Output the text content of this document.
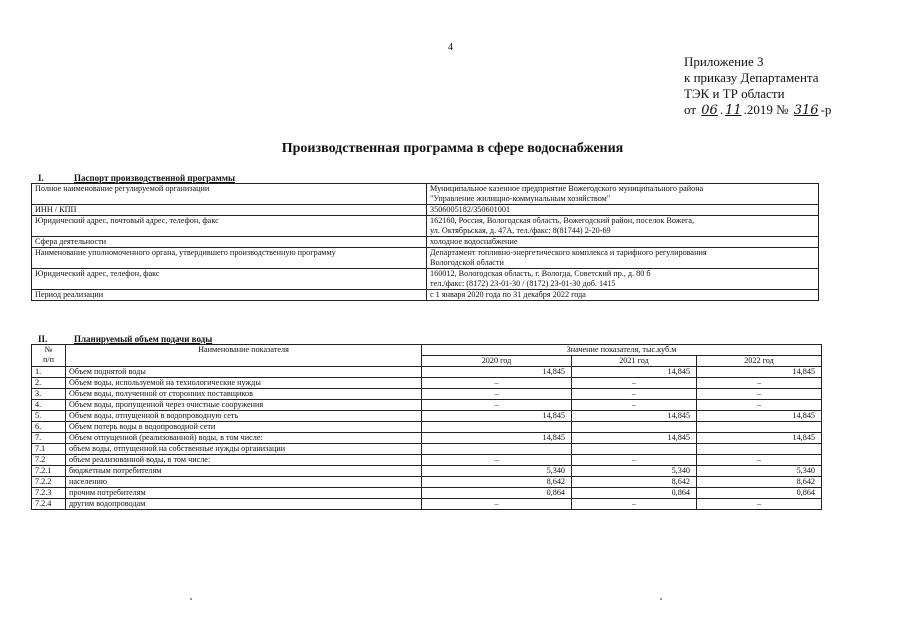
4
Приложение 3
к приказу Департамента
ТЭК и ТР области
от 06 . 11 .2019 № 316 -р
Производственная программа в сфере водоснабжения
I.	Паспорт производственной программы
Полное наименование регулируемой организации	Муниципальное казенное предприятие Вожегодского муниципального района
"Управление жилищно-коммунальным хозяйством"
ИНН / КПП	3506005182/350601001
Юридический адрес, почтовый адрес, телефон, факс	162160, Россия, Вологодская область, Вожегодский район, поселок Вожега,
ул. Октябрьская, д. 47А, тел./факс: 8(81744) 2-20-69
Сфера деятельности	холодное водоснабжение
Наименование уполномоченного органа, утвердившего производственную программу	Департамент топливно-энергетического комплекса и тарифного регулирования
Вологодской области
Юридический адрес, телефон, факс	160012, Вологодская область, г. Вологда, Советский пр., д. 80 б
тел./факс: (8172) 23-01-30 / (8172) 23-01-30 доб. 1415
Период реализации	с 1 января 2020 года по 31 декабря 2022 года
II.	Планируемый объем подачи воды
№
п/п	Наименование показателя	Значение показателя, тыс.куб.м		
		2020 год	2021 год	2022 год
1.	Объем поднятой воды	14,845	14,845	14,845
2.	Объем воды, используемой на технологические нужды	–	–	–
3.	Объем воды, полученной от сторонних поставщиков	–	–	–
4.	Объем воды, пропущенной через очистные сооружения	–	–	–
5.	Объем воды, отпущенной в водопроводную сеть	14,845	14,845	14,845
6.	Объем потерь воды в водопроводной сети			
7.	Объем отпущенной (реализованной) воды, в том числе:	14,845	14,845	14,845
7.1	объем воды, отпущенной на собственные нужды организации			
7.2	объем реализованной воды, в том числе:	–	–	–
7.2.1	бюджетным потребителям	5,340	5,340	5,340
7.2.2	населению	8,642	8,642	8,642
7.2.3	прочим потребителям	0,864	0,864	0,864
7.2.4	другим водопроводам	–	–	–
